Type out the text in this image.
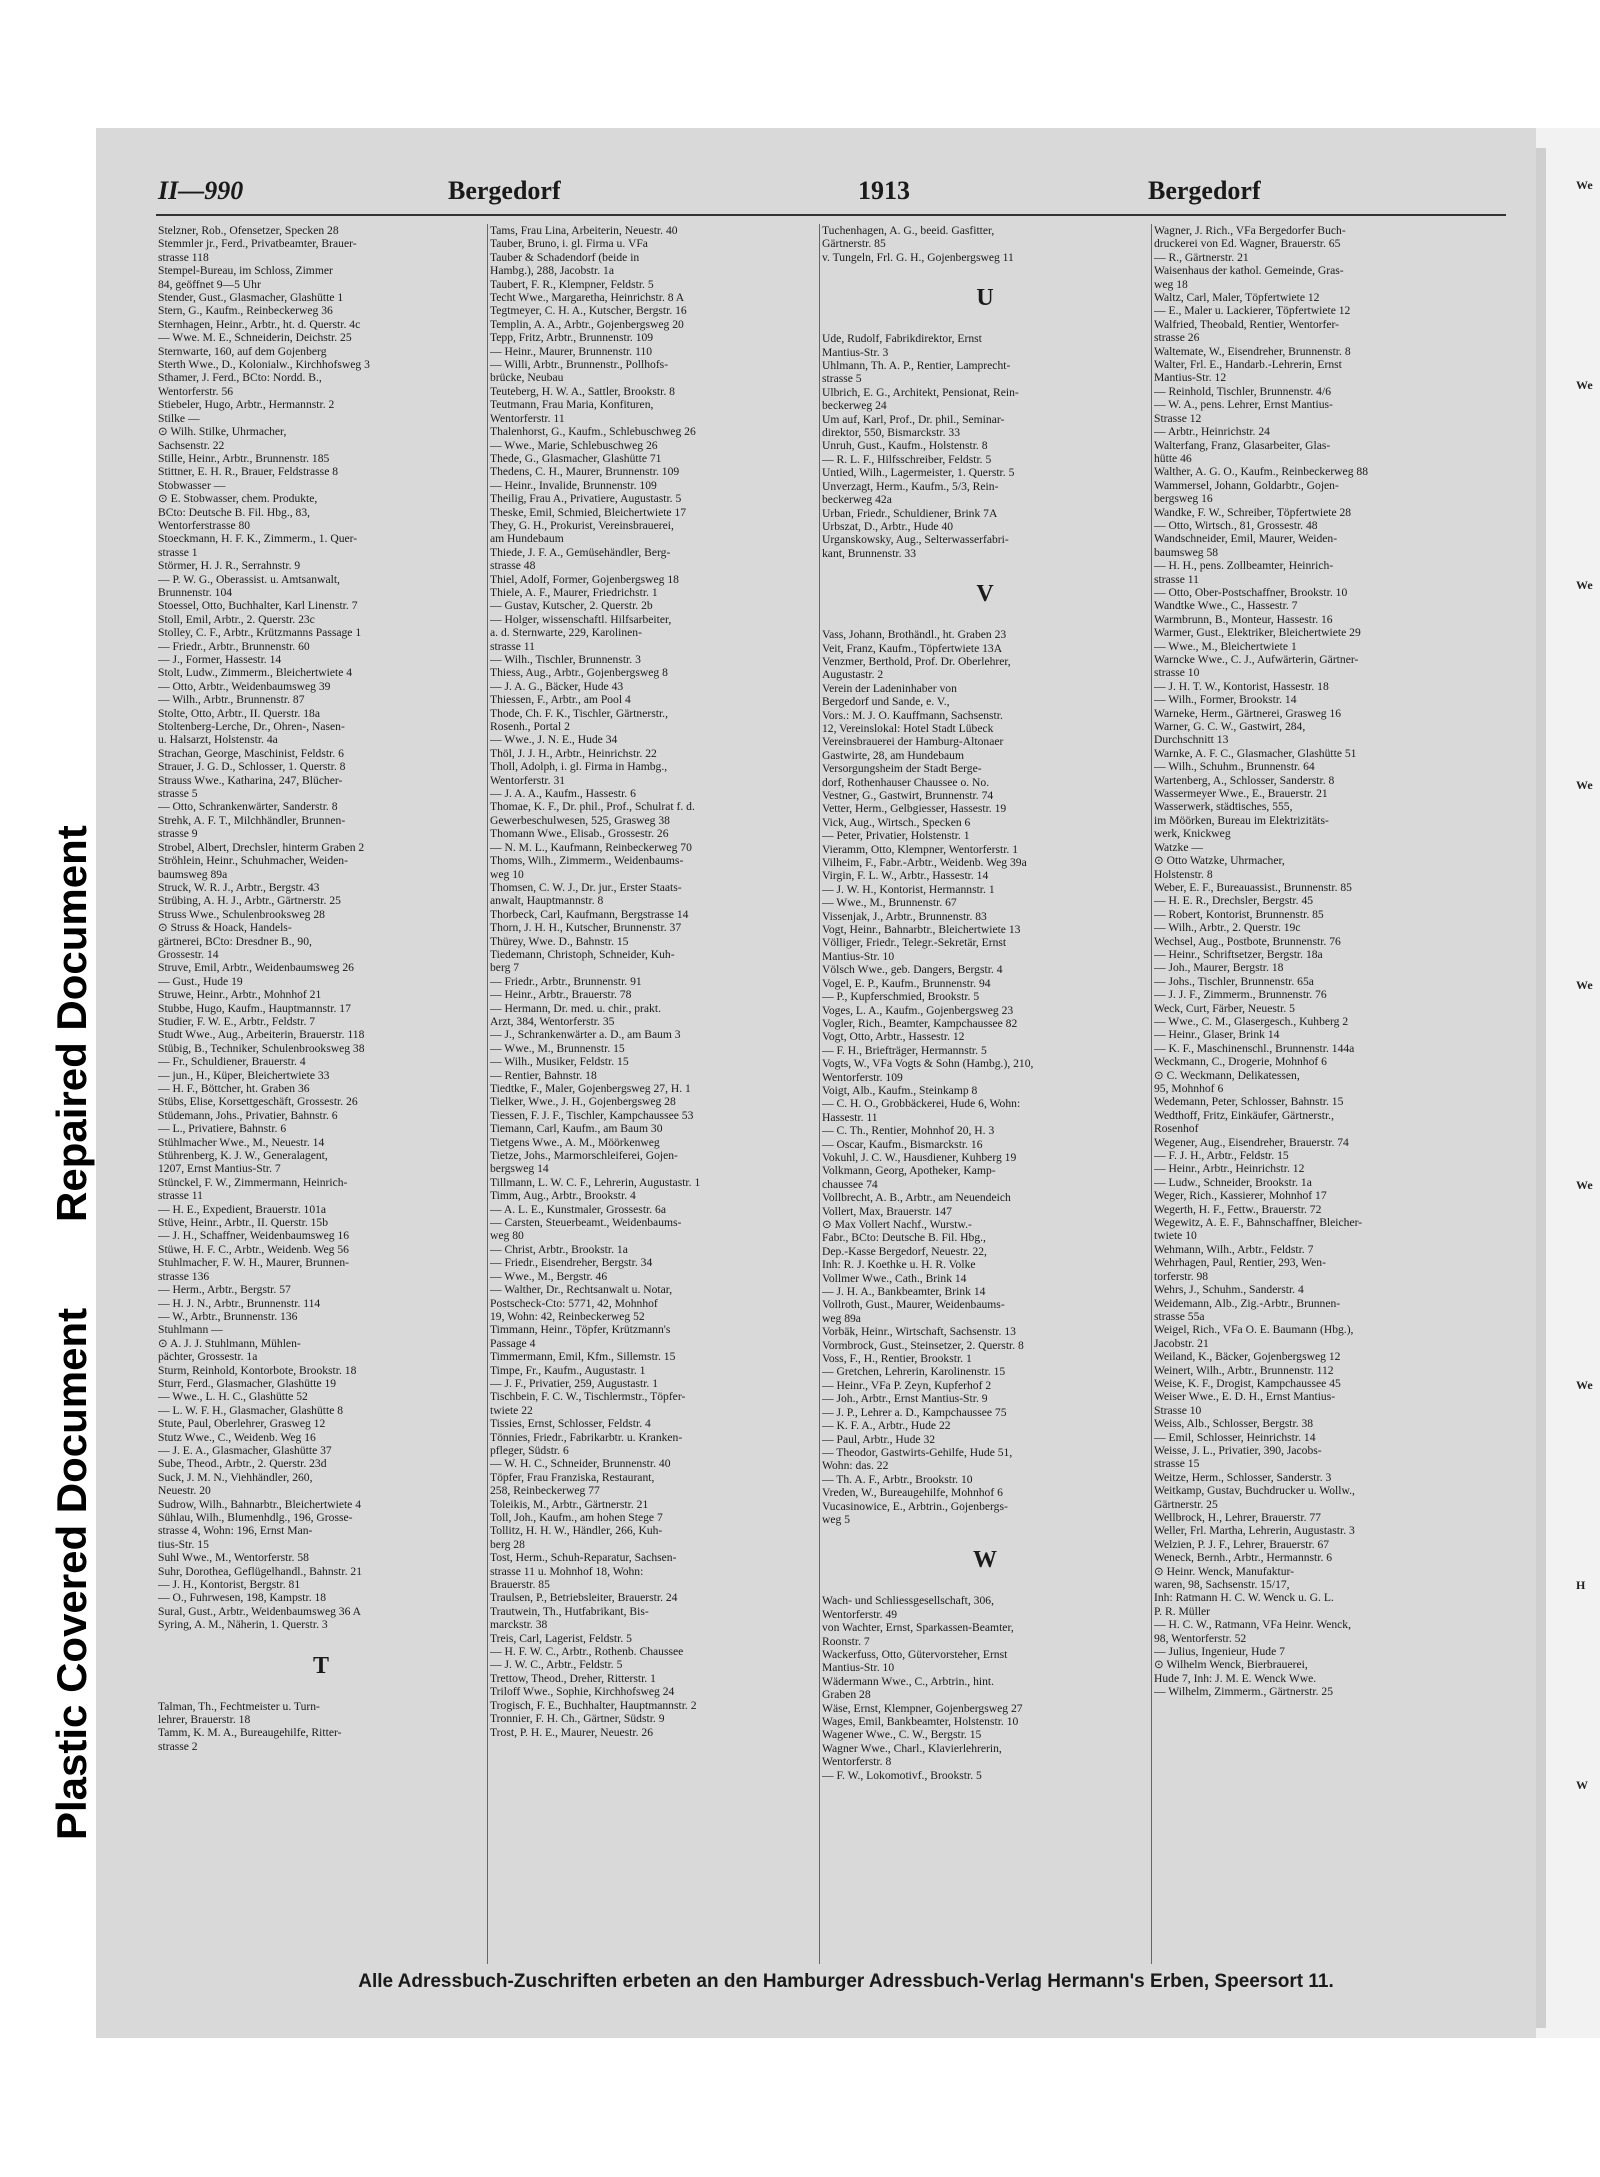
Repaired Document
Plastic Covered Document
II—990	Bergedorf	1913	Bergedorf
Stelzner, Rob., Ofensetzer, Specken 28
Stemmler jr., Ferd., Privatbeamter, Brauer-
strasse 118
Stempel-Bureau, im Schloss, Zimmer
84, geöffnet 9—5 Uhr
Stender, Gust., Glasmacher, Glashütte 1
Stern, G., Kaufm., Reinbeckerweg 36
Sternhagen, Heinr., Arbtr., ht. d. Querstr. 4c
— Wwe. M. E., Schneiderin, Deichstr. 25
Sternwarte, 160, auf dem Gojenberg
Sterth Wwe., D., Kolonialw., Kirchhofsweg 3
Sthamer, J. Ferd., BCto: Nordd. B.,
Wentorferstr. 56
Stiebeler, Hugo, Arbtr., Hermannstr. 2
Stilke —
⊙ Wilh. Stilke, Uhrmacher,
Sachsenstr. 22
Stille, Heinr., Arbtr., Brunnenstr. 185
Stittner, E. H. R., Brauer, Feldstrasse 8
Stobwasser —
⊙ E. Stobwasser, chem. Produkte,
BCto: Deutsche B. Fil. Hbg., 83,
Wentorferstrasse 80
Stoeckmann, H. F. K., Zimmerm., 1. Quer-
strasse 1
Störmer, H. J. R., Serrahnstr. 9
— P. W. G., Oberassist. u. Amtsanwalt,
Brunnenstr. 104
Stoessel, Otto, Buchhalter, Karl Linenstr. 7
Stoll, Emil, Arbtr., 2. Querstr. 23c
Stolley, C. F., Arbtr., Krützmanns Passage 1
— Friedr., Arbtr., Brunnenstr. 60
— J., Former, Hassestr. 14
Stolt, Ludw., Zimmerm., Bleichertwiete 4
— Otto, Arbtr., Weidenbaumsweg 39
— Wilh., Arbtr., Brunnenstr. 87
Stolte, Otto, Arbtr., II. Querstr. 18a
Stoltenberg-Lerche, Dr., Ohren-, Nasen-
u. Halsarzt, Holstenstr. 4a
Strachan, George, Maschinist, Feldstr. 6
Strauer, J. G. D., Schlosser, 1. Querstr. 8
Strauss Wwe., Katharina, 247, Blücher-
strasse 5
— Otto, Schrankenwärter, Sanderstr. 8
Strehk, A. F. T., Milchhändler, Brunnen-
strasse 9
Strobel, Albert, Drechsler, hinterm Graben 2
Ströhlein, Heinr., Schuhmacher, Weiden-
baumsweg 89a
Struck, W. R. J., Arbtr., Bergstr. 43
Strübing, A. H. J., Arbtr., Gärtnerstr. 25
Struss Wwe., Schulenbrooksweg 28
⊙ Struss & Hoack, Handels-
gärtnerei, BCto: Dresdner B., 90,
Grossestr. 14
Struve, Emil, Arbtr., Weidenbaumsweg 26
— Gust., Hude 19
Struwe, Heinr., Arbtr., Mohnhof 21
Stubbe, Hugo, Kaufm., Hauptmannstr. 17
Studier, F. W. E., Arbtr., Feldstr. 7
Studt Wwe., Aug., Arbeiterin, Brauerstr. 118
Stübig, B., Techniker, Schulenbrooksweg 38
— Fr., Schuldiener, Brauerstr. 4
— jun., H., Küper, Bleichertwiete 33
— H. F., Böttcher, ht. Graben 36
Stübs, Elise, Korsettgeschäft, Grossestr. 26
Stüdemann, Johs., Privatier, Bahnstr. 6
— L., Privatiere, Bahnstr. 6
Stühlmacher Wwe., M., Neuestr. 14
Stührenberg, K. J. W., Generalagent,
1207, Ernst Mantius-Str. 7
Stünckel, F. W., Zimmermann, Heinrich-
strasse 11
— H. E., Expedient, Brauerstr. 101a
Stüve, Heinr., Arbtr., II. Querstr. 15b
— J. H., Schaffner, Weidenbaumsweg 16
Stüwe, H. F. C., Arbtr., Weidenb. Weg 56
Stuhlmacher, F. W. H., Maurer, Brunnen-
strasse 136
— Herm., Arbtr., Bergstr. 57
— H. J. N., Arbtr., Brunnenstr. 114
— W., Arbtr., Brunnenstr. 136
Stuhlmann —
⊙ A. J. J. Stuhlmann, Mühlen-
pächter, Grossestr. 1a
Sturm, Reinhold, Kontorbote, Brookstr. 18
Sturr, Ferd., Glasmacher, Glashütte 19
— Wwe., L. H. C., Glashütte 52
— L. W. F. H., Glasmacher, Glashütte 8
Stute, Paul, Oberlehrer, Grasweg 12
Stutz Wwe., C., Weidenb. Weg 16
— J. E. A., Glasmacher, Glashütte 37
Sube, Theod., Arbtr., 2. Querstr. 23d
Suck, J. M. N., Viehhändler, 260,
Neuestr. 20
Sudrow, Wilh., Bahnarbtr., Bleichertwiete 4
Sühlau, Wilh., Blumenhdlg., 196, Grosse-
strasse 4, Wohn: 196, Ernst Man-
tius-Str. 15
Suhl Wwe., M., Wentorferstr. 58
Suhr, Dorothea, Geflügelhandl., Bahnstr. 21
— J. H., Kontorist, Bergstr. 81
— O., Fuhrwesen, 198, Kampstr. 18
Sural, Gust., Arbtr., Weidenbaumsweg 36 A
Syring, A. M., Näherin, 1. Querstr. 3
T
Talman, Th., Fechtmeister u. Turn-
lehrer, Brauerstr. 18
Tamm, K. M. A., Bureaugehilfe, Ritter-
strasse 2
Tams, Frau Lina, Arbeiterin, Neuestr. 40
Tauber, Bruno, i. gl. Firma u. VFa
Tauber & Schadendorf (beide in
Hambg.), 288, Jacobstr. 1a
Taubert, F. R., Klempner, Feldstr. 5
Techt Wwe., Margaretha, Heinrichstr. 8 A
Tegtmeyer, C. H. A., Kutscher, Bergstr. 16
Templin, A. A., Arbtr., Gojenbergsweg 20
Tepp, Fritz, Arbtr., Brunnenstr. 109
— Heinr., Maurer, Brunnenstr. 110
— Willi, Arbtr., Brunnenstr., Pollhofs-
brücke, Neubau
Teuteberg, H. W. A., Sattler, Brookstr. 8
Teutmann, Frau Maria, Konfituren,
Wentorferstr. 11
Thalenhorst, G., Kaufm., Schlebuschweg 26
— Wwe., Marie, Schlebuschweg 26
Thede, G., Glasmacher, Glashütte 71
Thedens, C. H., Maurer, Brunnenstr. 109
— Heinr., Invalide, Brunnenstr. 109
Theilig, Frau A., Privatiere, Augustastr. 5
Theske, Emil, Schmied, Bleichertwiete 17
They, G. H., Prokurist, Vereinsbrauerei,
am Hundebaum
Thiede, J. F. A., Gemüsehändler, Berg-
strasse 48
Thiel, Adolf, Former, Gojenbergsweg 18
Thiele, A. F., Maurer, Friedrichstr. 1
— Gustav, Kutscher, 2. Querstr. 2b
— Holger, wissenschaftl. Hilfsarbeiter,
a. d. Sternwarte, 229, Karolinen-
strasse 11
— Wilh., Tischler, Brunnenstr. 3
Thiess, Aug., Arbtr., Gojenbergsweg 8
— J. A. G., Bäcker, Hude 43
Thiessen, F., Arbtr., am Pool 4
Thode, Ch. F. K., Tischler, Gärtnerstr.,
Rosenh., Portal 2
— Wwe., J. N. E., Hude 34
Thöl, J. J. H., Arbtr., Heinrichstr. 22
Tholl, Adolph, i. gl. Firma in Hambg.,
Wentorferstr. 31
— J. A. A., Kaufm., Hassestr. 6
Thomae, K. F., Dr. phil., Prof., Schulrat f. d.
Gewerbeschulwesen, 525, Grasweg 38
Thomann Wwe., Elisab., Grossestr. 26
— N. M. L., Kaufmann, Reinbeckerweg 70
Thoms, Wilh., Zimmerm., Weidenbaums-
weg 10
Thomsen, C. W. J., Dr. jur., Erster Staats-
anwalt, Hauptmannstr. 8
Thorbeck, Carl, Kaufmann, Bergstrasse 14
Thorn, J. H. H., Kutscher, Brunnenstr. 37
Thürey, Wwe. D., Bahnstr. 15
Tiedemann, Christoph, Schneider, Kuh-
berg 7
— Friedr., Arbtr., Brunnenstr. 91
— Heinr., Arbtr., Brauerstr. 78
— Hermann, Dr. med. u. chir., prakt.
Arzt, 384, Wentorferstr. 35
— J., Schrankenwärter a. D., am Baum 3
— Wwe., M., Brunnenstr. 15
— Wilh., Musiker, Feldstr. 15
— Rentier, Bahnstr. 18
Tiedtke, F., Maler, Gojenbergsweg 27, H. 1
Tielker, Wwe., J. H., Gojenbergsweg 28
Tiessen, F. J. F., Tischler, Kampchaussee 53
Tiemann, Carl, Kaufm., am Baum 30
Tietgens Wwe., A. M., Möörkenweg
Tietze, Johs., Marmorschleiferei, Gojen-
bergsweg 14
Tillmann, L. W. C. F., Lehrerin, Augustastr. 1
Timm, Aug., Arbtr., Brookstr. 4
— A. L. E., Kunstmaler, Grossestr. 6a
— Carsten, Steuerbeamt., Weidenbaums-
weg 80
— Christ, Arbtr., Brookstr. 1a
— Friedr., Eisendreher, Bergstr. 34
— Wwe., M., Bergstr. 46
— Walther, Dr., Rechtsanwalt u. Notar,
Postscheck-Cto: 5771, 42, Mohnhof
19, Wohn: 42, Reinbeckerweg 52
Timmann, Heinr., Töpfer, Krützmann's
Passage 4
Timmermann, Emil, Kfm., Sillemstr. 15
Timpe, Fr., Kaufm., Augustastr. 1
— J. F., Privatier, 259, Augustastr. 1
Tischbein, F. C. W., Tischlermstr., Töpfer-
twiete 22
Tissies, Ernst, Schlosser, Feldstr. 4
Tönnies, Friedr., Fabrikarbtr. u. Kranken-
pfleger, Südstr. 6
— W. H. C., Schneider, Brunnenstr. 40
Töpfer, Frau Franziska, Restaurant,
258, Reinbeckerweg 77
Toleikis, M., Arbtr., Gärtnerstr. 21
Toll, Joh., Kaufm., am hohen Stege 7
Tollitz, H. H. W., Händler, 266, Kuh-
berg 28
Tost, Herm., Schuh-Reparatur, Sachsen-
strasse 11 u. Mohnhof 18, Wohn:
Brauerstr. 85
Traulsen, P., Betriebsleiter, Brauerstr. 24
Trautwein, Th., Hutfabrikant, Bis-
marckstr. 38
Treis, Carl, Lagerist, Feldstr. 5
— H. F. W. C., Arbtr., Rothenb. Chaussee
— J. W. C., Arbtr., Feldstr. 5
Trettow, Theod., Dreher, Ritterstr. 1
Triloff Wwe., Sophie, Kirchhofsweg 24
Trogisch, F. E., Buchhalter, Hauptmannstr. 2
Tronnier, F. H. Ch., Gärtner, Südstr. 9
Trost, P. H. E., Maurer, Neuestr. 26
Tuchenhagen, A. G., beeid. Gasfitter,
Gärtnerstr. 85
v. Tungeln, Frl. G. H., Gojenbergsweg 11
U
Ude, Rudolf, Fabrikdirektor, Ernst
Mantius-Str. 3
Uhlmann, Th. A. P., Rentier, Lamprecht-
strasse 5
Ulbrich, E. G., Architekt, Pensionat, Rein-
beckerweg 24
Um auf, Karl, Prof., Dr. phil., Seminar-
direktor, 550, Bismarckstr. 33
Unruh, Gust., Kaufm., Holstenstr. 8
— R. L. F., Hilfsschreiber, Feldstr. 5
Untied, Wilh., Lagermeister, 1. Querstr. 5
Unverzagt, Herm., Kaufm., 5/3, Rein-
beckerweg 42a
Urban, Friedr., Schuldiener, Brink 7A
Urbszat, D., Arbtr., Hude 40
Urganskowsky, Aug., Selterwasserfabri-
kant, Brunnenstr. 33
V
Vass, Johann, Brothändl., ht. Graben 23
Veit, Franz, Kaufm., Töpfertwiete 13A
Venzmer, Berthold, Prof. Dr. Oberlehrer,
Augustastr. 2
Verein der Ladeninhaber von
Bergedorf und Sande, e. V.,
Vors.: M. J. O. Kauffmann, Sachsenstr.
12, Vereinslokal: Hotel Stadt Lübeck
Vereinsbrauerei der Hamburg-Altonaer
Gastwirte, 28, am Hundebaum
Versorgungsheim der Stadt Berge-
dorf, Rothenhauser Chaussee o. No.
Vestner, G., Gastwirt, Brunnenstr. 74
Vetter, Herm., Gelbgiesser, Hassestr. 19
Vick, Aug., Wirtsch., Specken 6
— Peter, Privatier, Holstenstr. 1
Vieramm, Otto, Klempner, Wentorferstr. 1
Vilheim, F., Fabr.-Arbtr., Weidenb. Weg 39a
Virgin, F. L. W., Arbtr., Hassestr. 14
— J. W. H., Kontorist, Hermannstr. 1
— Wwe., M., Brunnenstr. 67
Vissenjak, J., Arbtr., Brunnenstr. 83
Vogt, Heinr., Bahnarbtr., Bleichertwiete 13
Völliger, Friedr., Telegr.-Sekretär, Ernst
Mantius-Str. 10
Völsch Wwe., geb. Dangers, Bergstr. 4
Vogel, E. P., Kaufm., Brunnenstr. 94
— P., Kupferschmied, Brookstr. 5
Voges, L. A., Kaufm., Gojenbergsweg 23
Vogler, Rich., Beamter, Kampchaussee 82
Vogt, Otto, Arbtr., Hassestr. 12
— F. H., Briefträger, Hermannstr. 5
Vogts, W., VFa Vogts & Sohn (Hambg.), 210,
Wentorferstr. 109
Voigt, Alb., Kaufm., Steinkamp 8
— C. H. O., Grobbäckerei, Hude 6, Wohn:
Hassestr. 11
— C. Th., Rentier, Mohnhof 20, H. 3
— Oscar, Kaufm., Bismarckstr. 16
Vokuhl, J. C. W., Hausdiener, Kuhberg 19
Volkmann, Georg, Apotheker, Kamp-
chaussee 74
Vollbrecht, A. B., Arbtr., am Neuendeich
Vollert, Max, Brauerstr. 147
⊙ Max Vollert Nachf., Wurstw.-
Fabr., BCto: Deutsche B. Fil. Hbg.,
Dep.-Kasse Bergedorf, Neuestr. 22,
Inh: R. J. Koethke u. H. R. Volke
Vollmer Wwe., Cath., Brink 14
— J. H. A., Bankbeamter, Brink 14
Vollroth, Gust., Maurer, Weidenbaums-
weg 89a
Vorbäk, Heinr., Wirtschaft, Sachsenstr. 13
Vormbrock, Gust., Steinsetzer, 2. Querstr. 8
Voss, F., H., Rentier, Brookstr. 1
— Gretchen, Lehrerin, Karolinenstr. 15
— Heinr., VFa P. Zeyn, Kupferhof 2
— Joh., Arbtr., Ernst Mantius-Str. 9
— J. P., Lehrer a. D., Kampchaussee 75
— K. F. A., Arbtr., Hude 22
— Paul, Arbtr., Hude 32
— Theodor, Gastwirts-Gehilfe, Hude 51,
Wohn: das. 22
— Th. A. F., Arbtr., Brookstr. 10
Vreden, W., Bureaugehilfe, Mohnhof 6
Vucasinowice, E., Arbtrin., Gojenbergs-
weg 5
W
Wach- und Schliessgesellschaft, 306,
Wentorferstr. 49
von Wachter, Ernst, Sparkassen-Beamter,
Roonstr. 7
Wackerfuss, Otto, Gütervorsteher, Ernst
Mantius-Str. 10
Wädermann Wwe., C., Arbtrin., hint.
Graben 28
Wäse, Ernst, Klempner, Gojenbergsweg 27
Wages, Emil, Bankbeamter, Holstenstr. 10
Wagener Wwe., C. W., Bergstr. 15
Wagner Wwe., Charl., Klavierlehrerin,
Wentorferstr. 8
— F. W., Lokomotivf., Brookstr. 5
Wagner, J. Rich., VFa Bergedorfer Buch-
druckerei von Ed. Wagner, Brauerstr. 65
— R., Gärtnerstr. 21
Waisenhaus der kathol. Gemeinde, Gras-
weg 18
Waltz, Carl, Maler, Töpfertwiete 12
— E., Maler u. Lackierer, Töpfertwiete 12
Walfried, Theobald, Rentier, Wentorfer-
strasse 26
Waltemate, W., Eisendreher, Brunnenstr. 8
Walter, Frl. E., Handarb.-Lehrerin, Ernst
Mantius-Str. 12
— Reinhold, Tischler, Brunnenstr. 4/6
— W. A., pens. Lehrer, Ernst Mantius-
Strasse 12
— Arbtr., Heinrichstr. 24
Walterfang, Franz, Glasarbeiter, Glas-
hütte 46
Walther, A. G. O., Kaufm., Reinbeckerweg 88
Wammersel, Johann, Goldarbtr., Gojen-
bergsweg 16
Wandke, F. W., Schreiber, Töpfertwiete 28
— Otto, Wirtsch., 81, Grossestr. 48
Wandschneider, Emil, Maurer, Weiden-
baumsweg 58
— H. H., pens. Zollbeamter, Heinrich-
strasse 11
— Otto, Ober-Postschaffner, Brookstr. 10
Wandtke Wwe., C., Hassestr. 7
Warmbrunn, B., Monteur, Hassestr. 16
Warmer, Gust., Elektriker, Bleichertwiete 29
— Wwe., M., Bleichertwiete 1
Warncke Wwe., C. J., Aufwärterin, Gärtner-
strasse 10
— J. H. T. W., Kontorist, Hassestr. 18
— Wilh., Former, Brookstr. 14
Warneke, Herm., Gärtnerei, Grasweg 16
Warner, G. C. W., Gastwirt, 284,
Durchschnitt 13
Warnke, A. F. C., Glasmacher, Glashütte 51
— Wilh., Schuhm., Brunnenstr. 64
Wartenberg, A., Schlosser, Sanderstr. 8
Wassermeyer Wwe., E., Brauerstr. 21
Wasserwerk, städtisches, 555,
im Möörken, Bureau im Elektrizitäts-
werk, Knickweg
Watzke —
⊙ Otto Watzke, Uhrmacher,
Holstenstr. 8
Weber, E. F., Bureauassist., Brunnenstr. 85
— H. E. R., Drechsler, Bergstr. 45
— Robert, Kontorist, Brunnenstr. 85
— Wilh., Arbtr., 2. Querstr. 19c
Wechsel, Aug., Postbote, Brunnenstr. 76
— Heinr., Schriftsetzer, Bergstr. 18a
— Joh., Maurer, Bergstr. 18
— Johs., Tischler, Brunnenstr. 65a
— J. J. F., Zimmerm., Brunnenstr. 76
Weck, Curt, Färber, Neuestr. 5
— Wwe., C. M., Glasergesch., Kuhberg 2
— Heinr., Glaser, Brink 14
— K. F., Maschinenschl., Brunnenstr. 144a
Weckmann, C., Drogerie, Mohnhof 6
⊙ C. Weckmann, Delikatessen,
95, Mohnhof 6
Wedemann, Peter, Schlosser, Bahnstr. 15
Wedthoff, Fritz, Einkäufer, Gärtnerstr.,
Rosenhof
Wegener, Aug., Eisendreher, Brauerstr. 74
— F. J. H., Arbtr., Feldstr. 15
— Heinr., Arbtr., Heinrichstr. 12
— Ludw., Schneider, Brookstr. 1a
Weger, Rich., Kassierer, Mohnhof 17
Wegerth, H. F., Fettw., Brauerstr. 72
Wegewitz, A. E. F., Bahnschaffner, Bleicher-
twiete 10
Wehmann, Wilh., Arbtr., Feldstr. 7
Wehrhagen, Paul, Rentier, 293, Wen-
torferstr. 98
Wehrs, J., Schuhm., Sanderstr. 4
Weidemann, Alb., Zig.-Arbtr., Brunnen-
strasse 55a
Weigel, Rich., VFa O. E. Baumann (Hbg.),
Jacobstr. 21
Weiland, K., Bäcker, Gojenbergsweg 12
Weinert, Wilh., Arbtr., Brunnenstr. 112
Weise, K. F., Drogist, Kampchaussee 45
Weiser Wwe., E. D. H., Ernst Mantius-
Strasse 10
Weiss, Alb., Schlosser, Bergstr. 38
— Emil, Schlosser, Heinrichstr. 14
Weisse, J. L., Privatier, 390, Jacobs-
strasse 15
Weitze, Herm., Schlosser, Sanderstr. 3
Weitkamp, Gustav, Buchdrucker u. Wollw.,
Gärtnerstr. 25
Wellbrock, H., Lehrer, Brauerstr. 77
Weller, Frl. Martha, Lehrerin, Augustastr. 3
Welzien, P. J. F., Lehrer, Brauerstr. 67
Weneck, Bernh., Arbtr., Hermannstr. 6
⊙ Heinr. Wenck, Manufaktur-
waren, 98, Sachsenstr. 15/17,
Inh: Ratmann H. C. W. Wenck u. G. L.
P. R. Müller
— H. C. W., Ratmann, VFa Heinr. Wenck,
98, Wentorferstr. 52
— Julius, Ingenieur, Hude 7
⊙ Wilhelm Wenck, Bierbrauerei,
Hude 7, Inh: J. M. E. Wenck Wwe.
— Wilhelm, Zimmerm., Gärtnerstr. 25
Alle Adressbuch-Zuschriften erbeten an den Hamburger Adressbuch-Verlag Hermann's Erben, Speersort 11.
We
We
We
We
We
We
We
H
W
